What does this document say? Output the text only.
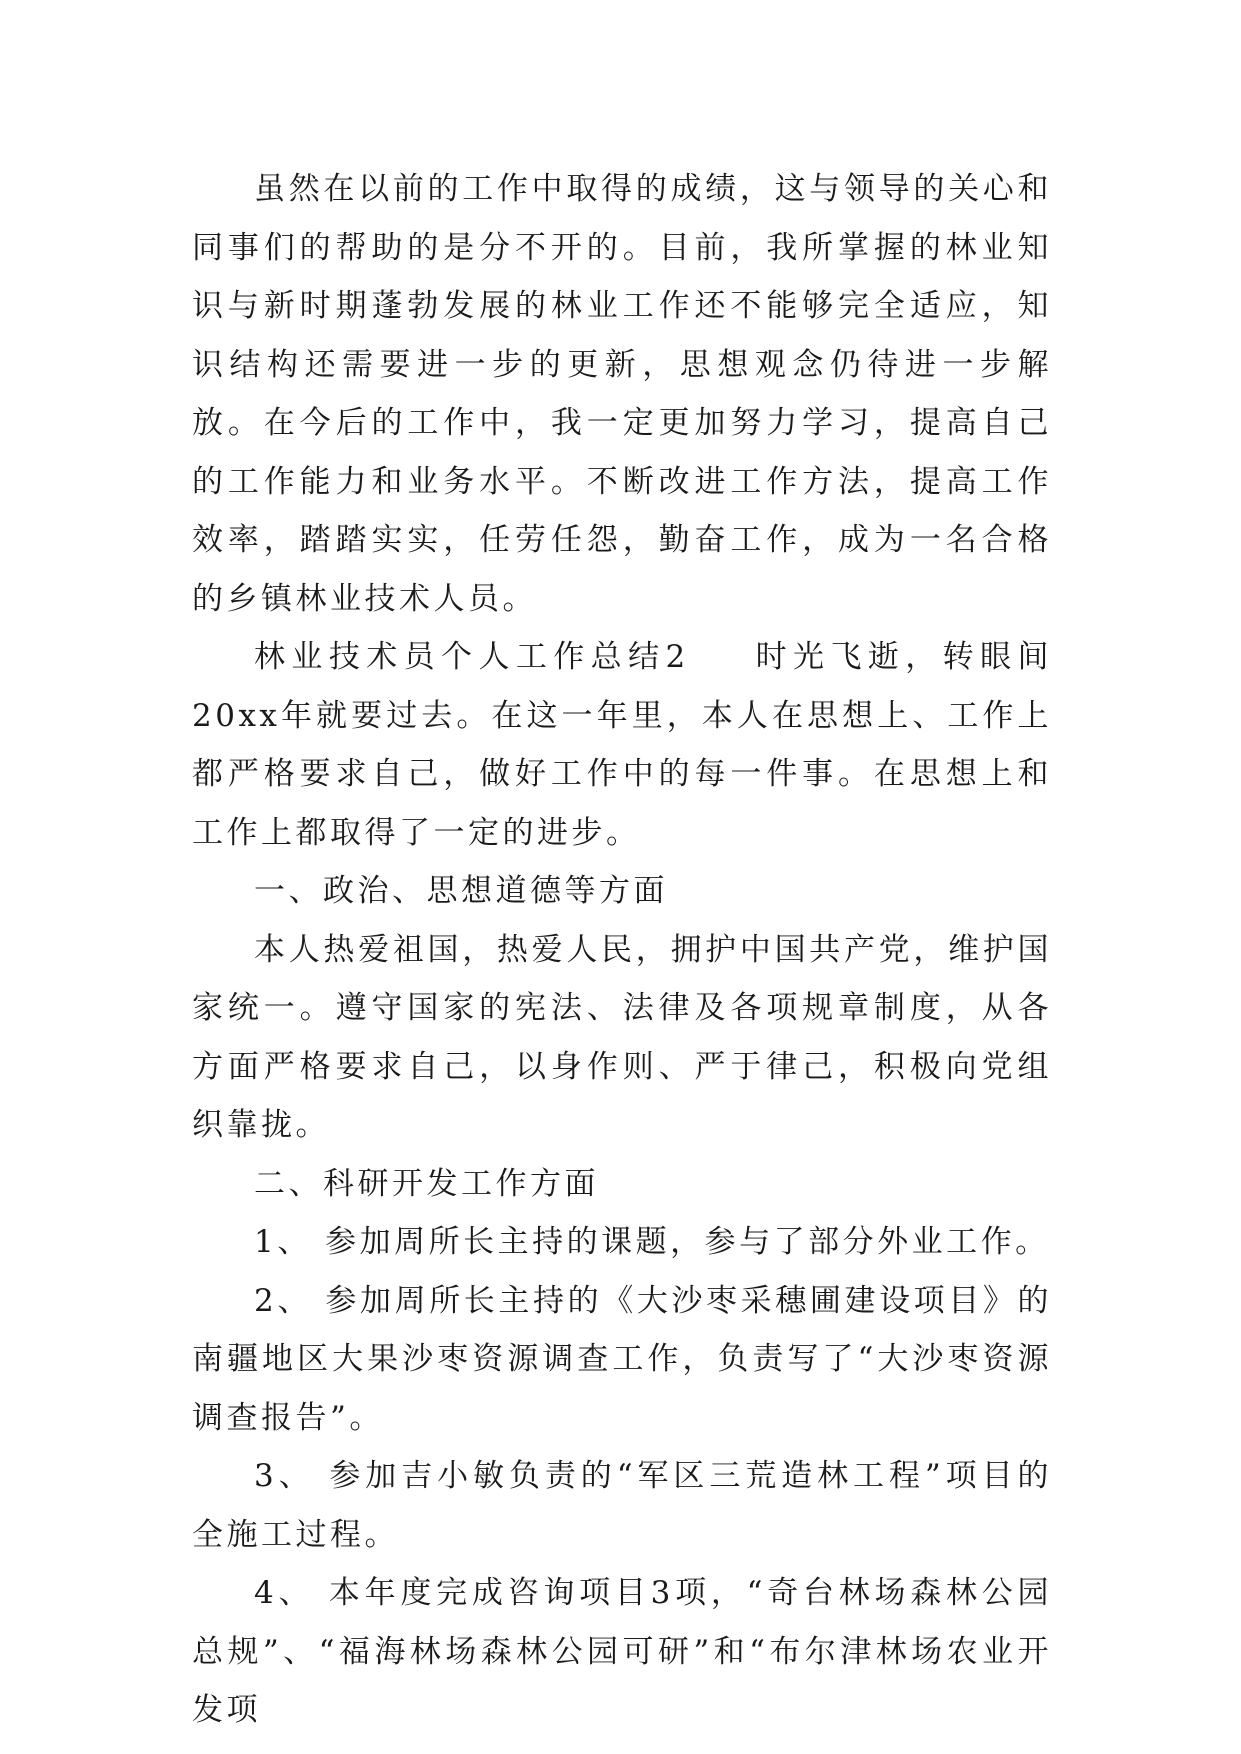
虽然在以前的工作中取得的成绩，这与领导的关心和同事们的帮助的是分不开的。目前，我所掌握的林业知识与新时期蓬勃发展的林业工作还不能够完全适应，知识结构还需要进一步的更新，思想观念仍待进一步解放。在今后的工作中，我一定更加努力学习，提高自己的工作能力和业务水平。不断改进工作方法，提高工作效率，踏踏实实，任劳任怨，勤奋工作，成为一名合格的乡镇林业技术人员。

林业技术员个人工作总结2 时光飞逝，转眼间20xx年就要过去。在这一年里，本人在思想上、工作上都严格要求自己，做好工作中的每一件事。在思想上和工作上都取得了一定的进步。

一、政治、思想道德等方面

本人热爱祖国，热爱人民，拥护中国共产党，维护国家统一。遵守国家的宪法、法律及各项规章制度，从各方面严格要求自己，以身作则、严于律己，积极向党组织靠拢。

二、科研开发工作方面

1、 参加周所长主持的课题，参与了部分外业工作。

2、 参加周所长主持的《大沙枣采穗圃建设项目》的南疆地区大果沙枣资源调查工作，负责写了“大沙枣资源调查报告”。

3、 参加吉小敏负责的“军区三荒造林工程”项目的全施工过程。

4、 本年度完成咨询项目3项，“奇台林场森林公园总规”、“福海林场森林公园可研”和“布尔津林场农业开发项
